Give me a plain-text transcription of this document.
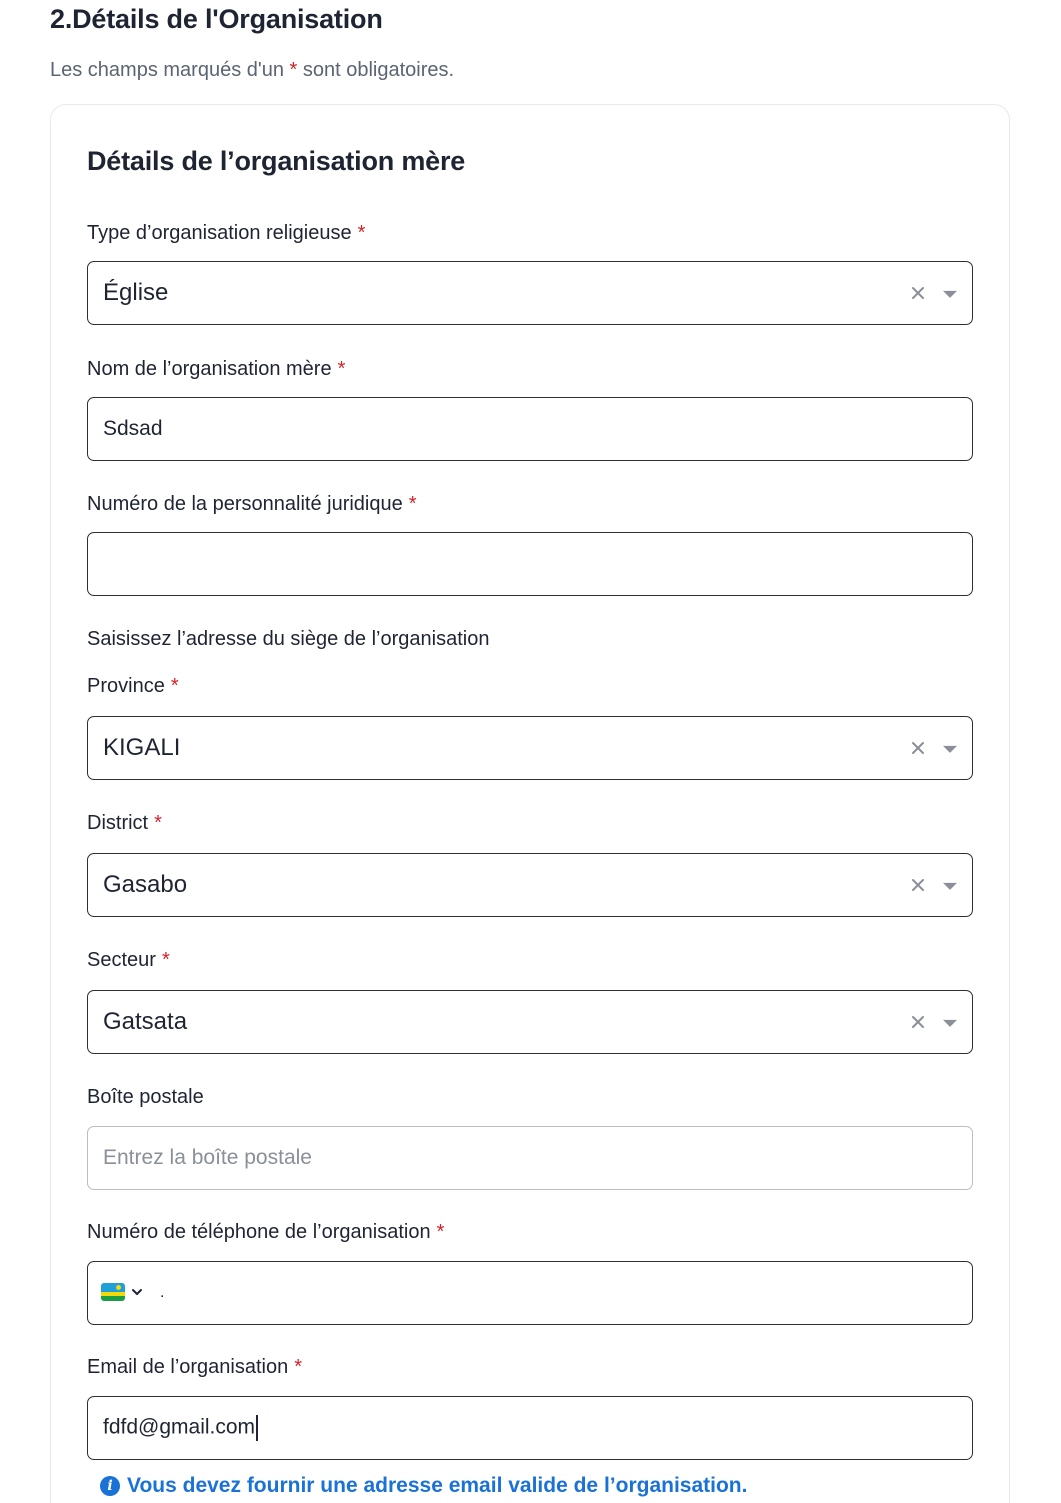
2.Détails de l'Organisation
Les champs marqués d'un * sont obligatoires.
Détails de l’organisation mère
Type d’organisation religieuse *
Église
Nom de l’organisation mère *
Sdsad
Numéro de la personnalité juridique *
Saisissez l’adresse du siège de l’organisation
Province *
KIGALI
District *
Gasabo
Secteur *
Gatsata
Boîte postale
Entrez la boîte postale
Numéro de téléphone de l’organisation *
.
Email de l’organisation *
fdfd@gmail.com
i Vous devez fournir une adresse email valide de l’organisation.
